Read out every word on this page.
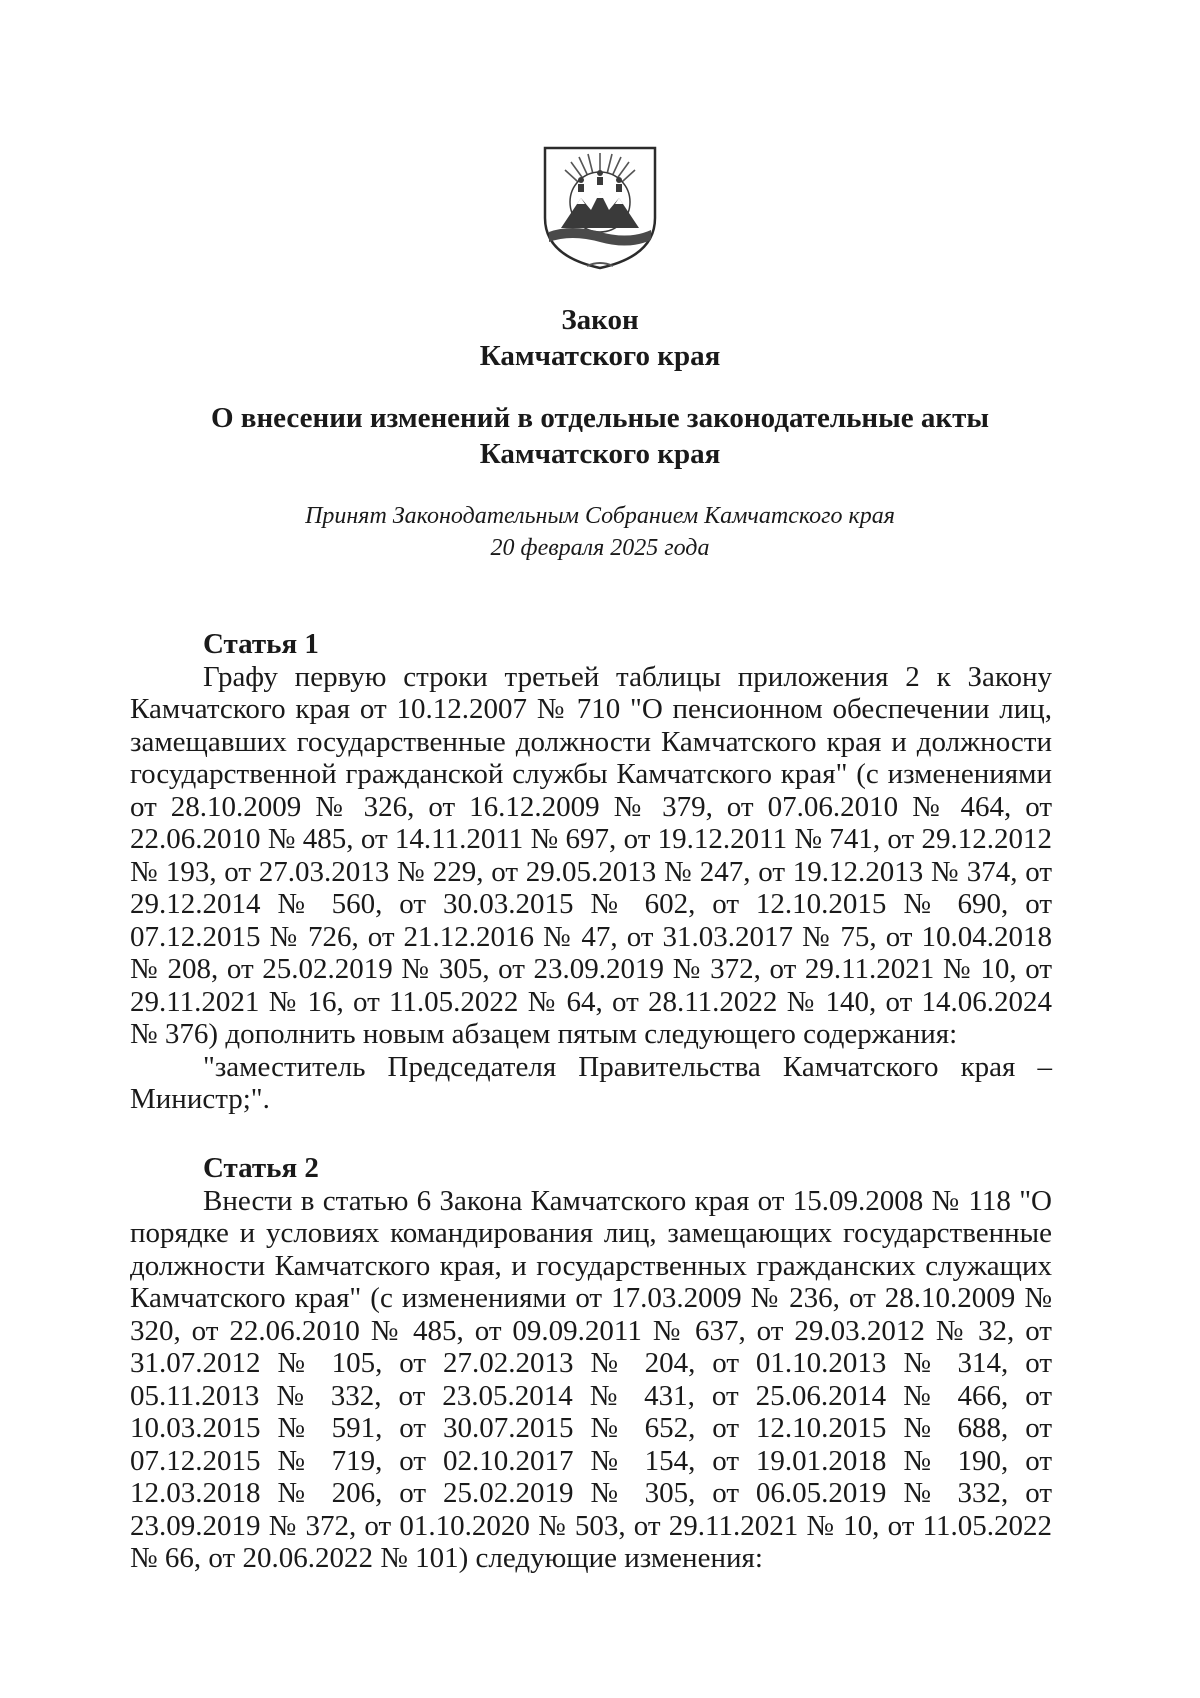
Закон

Камчатского края

О внесении изменений в отдельные законодательные акты
Камчатского края
Принят Законодательным Собранием Камчатского края
20 февраля 2025 года

Статья 1

Графу первую строки третьей таблицы приложения 2 к Закону Камчатского края от 10.12.2007 № 710 "О пенсионном обеспечении лиц, замещавших государственные должности Камчатского края и должности государственной гражданской службы Камчатского края" (с изменениями от 28.10.2009 № 326, от 16.12.2009 № 379, от 07.06.2010 № 464, от 22.06.2010 № 485, от 14.11.2011 № 697, от 19.12.2011 № 741, от 29.12.2012 № 193, от 27.03.2013 № 229, от 29.05.2013 № 247, от 19.12.2013 № 374, от 29.12.2014 № 560, от 30.03.2015 № 602, от 12.10.2015 № 690, от 07.12.2015 № 726, от 21.12.2016 № 47, от 31.03.2017 № 75, от 10.04.2018 № 208, от 25.02.2019 № 305, от 23.09.2019 № 372, от 29.11.2021 № 10, от 29.11.2021 № 16, от 11.05.2022 № 64, от 28.11.2022 № 140, от 14.06.2024 № 376) дополнить новым абзацем пятым следующего содержания:

"заместитель Председателя Правительства Камчатского края – Министр;".

Статья 2

Внести в статью 6 Закона Камчатского края от 15.09.2008 № 118 "О порядке и условиях командирования лиц, замещающих государственные должности Камчатского края, и государственных гражданских служащих Камчатского края" (с изменениями от 17.03.2009 № 236, от 28.10.2009 № 320, от 22.06.2010 № 485, от 09.09.2011 № 637, от 29.03.2012 № 32, от 31.07.2012 № 105, от 27.02.2013 № 204, от 01.10.2013 № 314, от 05.11.2013 № 332, от 23.05.2014 № 431, от 25.06.2014 № 466, от 10.03.2015 № 591, от 30.07.2015 № 652, от 12.10.2015 № 688, от 07.12.2015 № 719, от 02.10.2017 № 154, от 19.01.2018 № 190, от 12.03.2018 № 206, от 25.02.2019 № 305, от 06.05.2019 № 332, от 23.09.2019 № 372, от 01.10.2020 № 503, от 29.11.2021 № 10, от 11.05.2022 № 66, от 20.06.2022 № 101) следующие изменения:
